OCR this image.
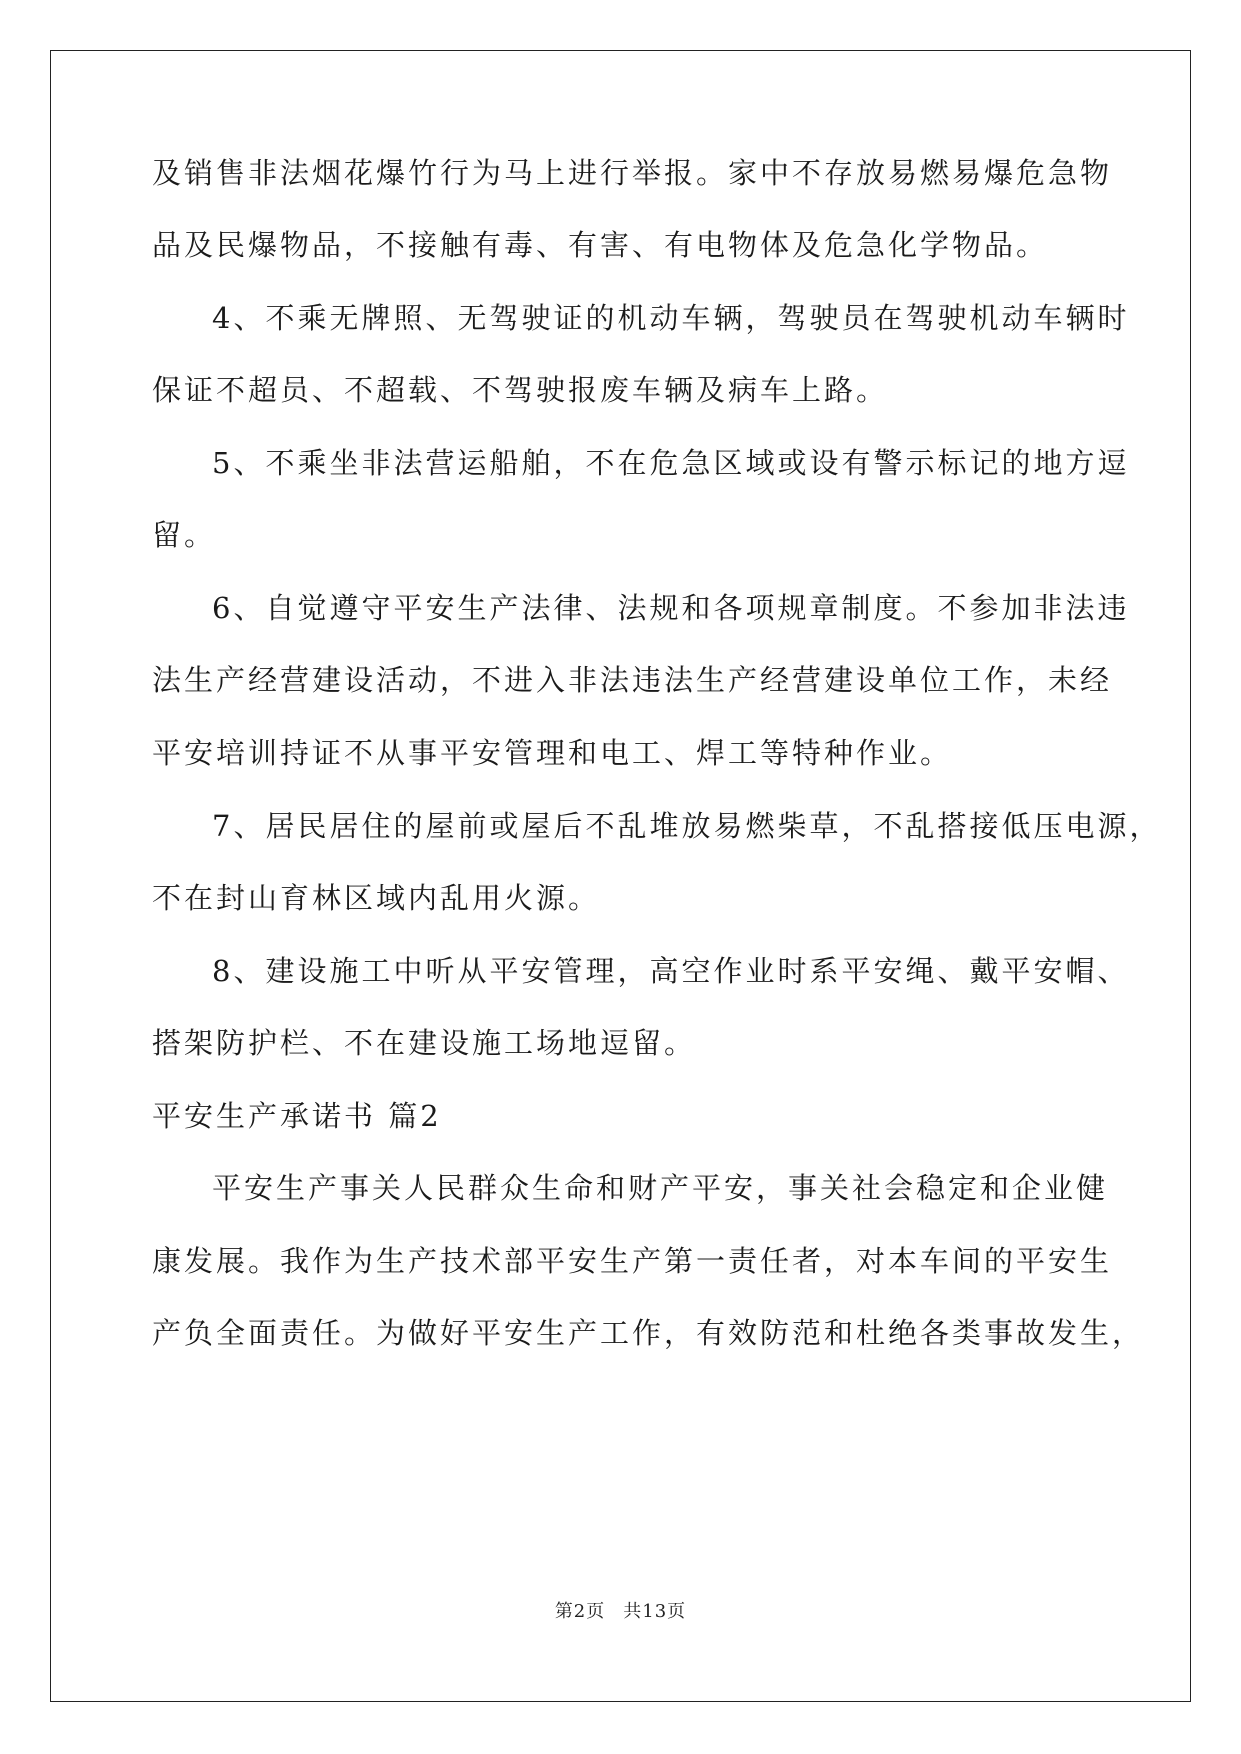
及销售非法烟花爆竹行为马上进行举报。家中不存放易燃易爆危急物
品及民爆物品，不接触有毒、有害、有电物体及危急化学物品。
4、不乘无牌照、无驾驶证的机动车辆，驾驶员在驾驶机动车辆时
保证不超员、不超载、不驾驶报废车辆及病车上路。
5、不乘坐非法营运船舶，不在危急区域或设有警示标记的地方逗
留。
6、自觉遵守平安生产法律、法规和各项规章制度。不参加非法违
法生产经营建设活动，不进入非法违法生产经营建设单位工作，未经
平安培训持证不从事平安管理和电工、焊工等特种作业。
7、居民居住的屋前或屋后不乱堆放易燃柴草，不乱搭接低压电源，
不在封山育林区域内乱用火源。
8、建设施工中听从平安管理，高空作业时系平安绳、戴平安帽、
搭架防护栏、不在建设施工场地逗留。
平安生产承诺书 篇2
平安生产事关人民群众生命和财产平安，事关社会稳定和企业健
康发展。我作为生产技术部平安生产第一责任者，对本车间的平安生
产负全面责任。为做好平安生产工作，有效防范和杜绝各类事故发生，
第2页 共13页
